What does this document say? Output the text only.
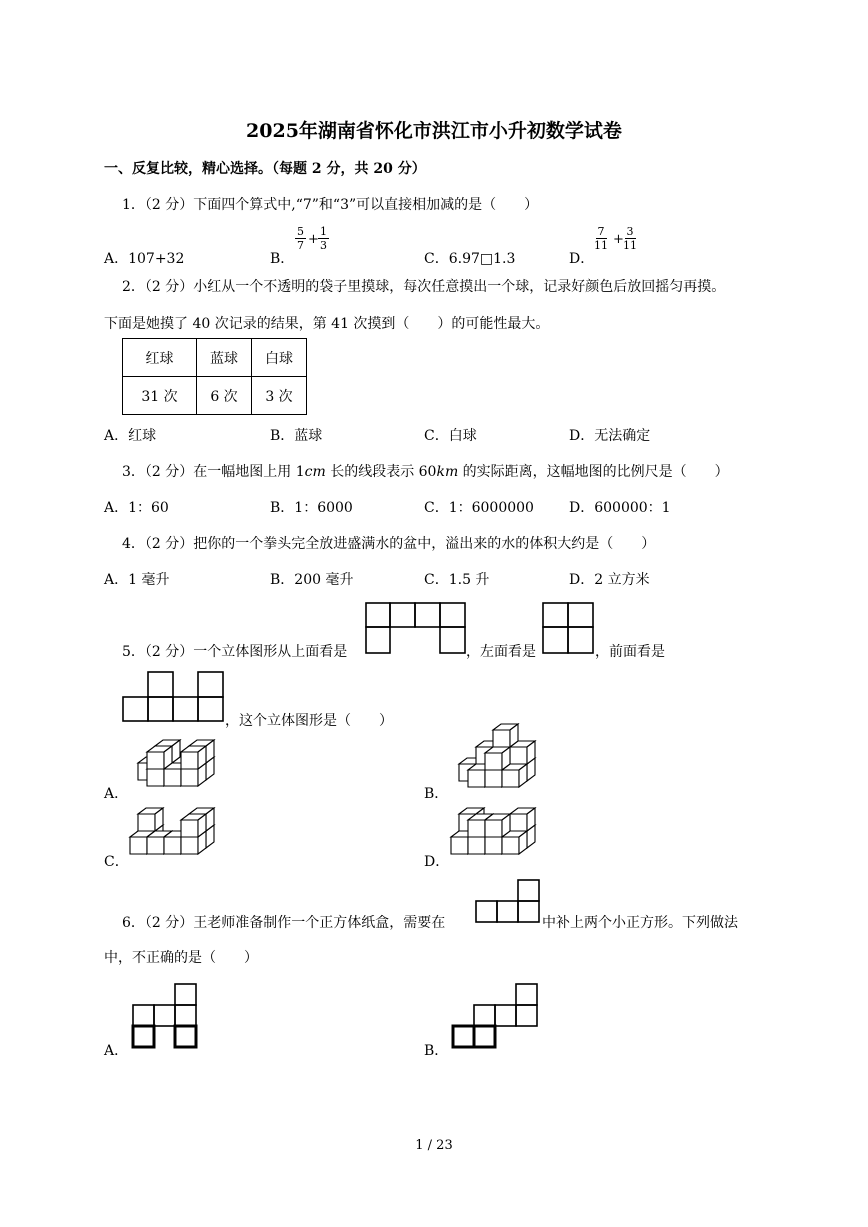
2025年湖南省怀化市洪江市小升初数学试卷
一、反复比较，精心选择。（每题 2 分，共 20 分）
1．（2 分）下面四个算式中,“7”和“3”可以直接相加减的是（　　）
A．107+32	B．
$\frac{5}{7} + \frac{1}{3}$
C．6.97□1.3	D．
$\frac{7}{11} + \frac{3}{11}$
2．（2 分）小红从一个不透明的袋子里摸球，每次任意摸出一个球，记录好颜色后放回摇匀再摸。
下面是她摸了 40 次记录的结果，第 41 次摸到（　　）的可能性最大。
红球	蓝球	白球
31 次	6 次	3 次
A．红球	B．蓝球	C．白球	D．无法确定
3．（2 分）在一幅地图上用 1cm 长的线段表示 60km 的实际距离，这幅地图的比例尺是（　　）
A．1：60	B．1：6000	C．1：6000000	D．600000：1
4．（2 分）把你的一个拳头完全放进盛满水的盆中，溢出来的水的体积大约是（　　）
A．1 毫升	B．200 毫升	C．1.5 升	D．2 立方米
5．（2 分）一个立体图形从上面看是	，左面看是	，前面看是
，这个立体图形是（　　）
A．	B．
C．	D．
6．（2 分）王老师准备制作一个正方体纸盒，需要在	中补上两个小正方形。下列做法
中，不正确的是（　　）
A．	B．
1 / 23
